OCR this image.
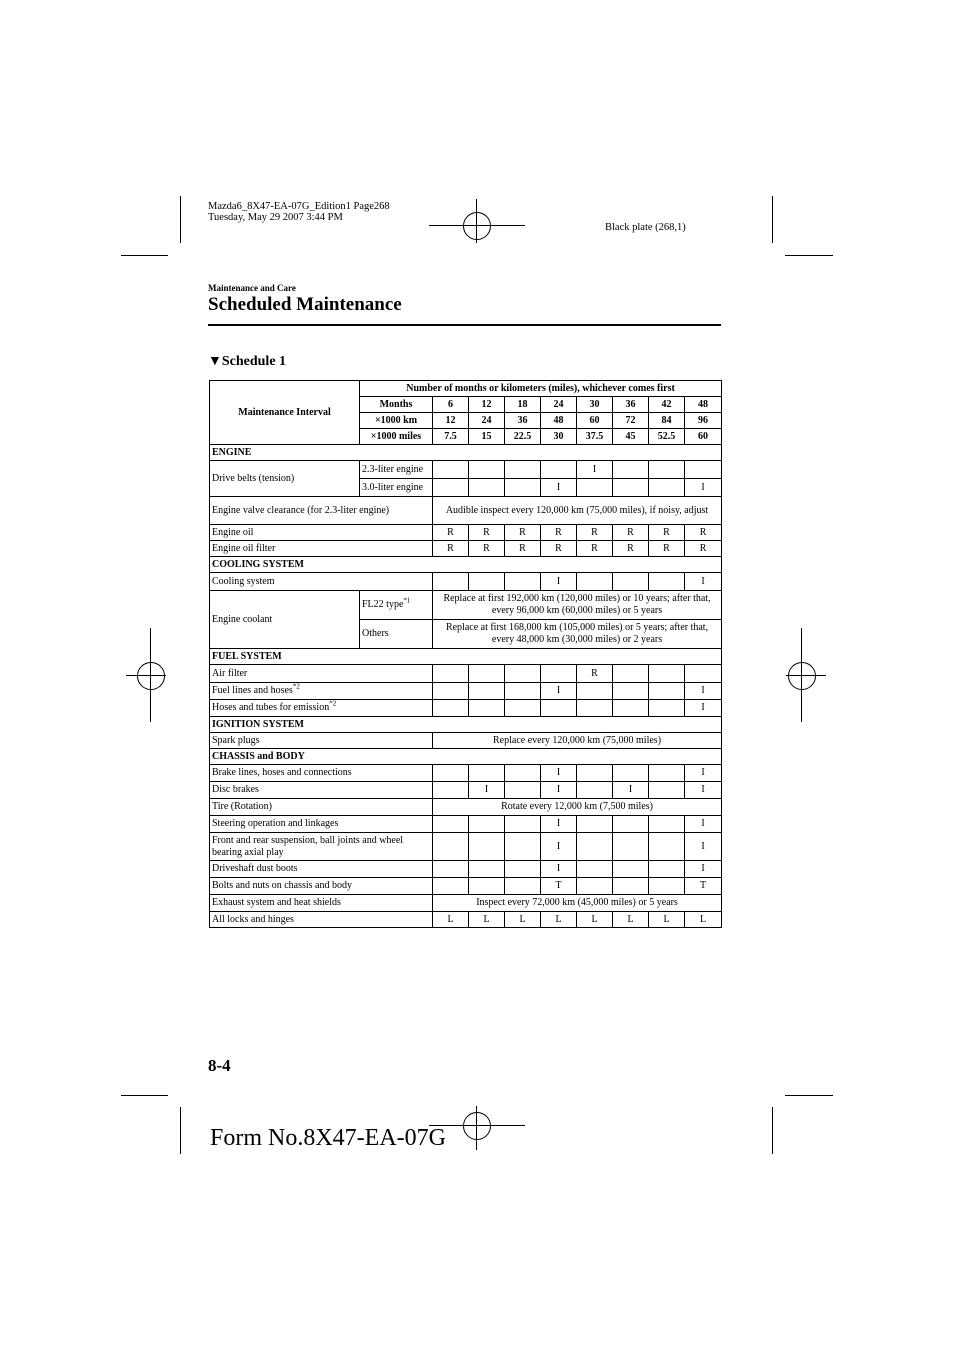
Mazda6_8X47-EA-07G_Edition1 Page268
Tuesday, May 29 2007 3:44 PM
Black plate (268,1)
Maintenance and Care
Scheduled Maintenance
▼Schedule 1
Maintenance Interval	Number of months or kilometers (miles), whichever comes first								
	Months	6	12	18	24	30	36	42	48
	×1000 km	12	24	36	48	60	72	84	96
	×1000 miles	7.5	15	22.5	30	37.5	45	52.5	60
ENGINE									
Drive belts (tension)	2.3-liter engine					I			
	3.0-liter engine				I				I
Engine valve clearance (for 2.3-liter engine)		Audible inspect every 120,000 km (75,000 miles), if noisy, adjust							
Engine oil		R	R	R	R	R	R	R	R
Engine oil filter		R	R	R	R	R	R	R	R
COOLING SYSTEM									
Cooling system					I				I
Engine coolant	FL22 type$^{*1}$	Replace at first 192,000 km (120,000 miles) or 10 years; after that, every 96,000 km (60,000 miles) or 5 years							
	Others	Replace at first 168,000 km (105,000 miles) or 5 years; after that, every 48,000 km (30,000 miles) or 2 years							
FUEL SYSTEM									
Air filter						R			
Fuel lines and hoses$^{*2}$					I				I
Hoses and tubes for emission$^{*2}$									I
IGNITION SYSTEM									
Spark plugs		Replace every 120,000 km (75,000 miles)							
CHASSIS and BODY									
Brake lines, hoses and connections					I				I
Disc brakes			I		I		I		I
Tire (Rotation)		Rotate every 12,000 km (7,500 miles)							
Steering operation and linkages					I				I
Front and rear suspension, ball joints and wheel bearing axial play					I				I
Driveshaft dust boots					I				I
Bolts and nuts on chassis and body					T				T
Exhaust system and heat shields		Inspect every 72,000 km (45,000 miles) or 5 years							
All locks and hinges		L	L	L	L	L	L	L	L
8-4
Form No.8X47-EA-07G
